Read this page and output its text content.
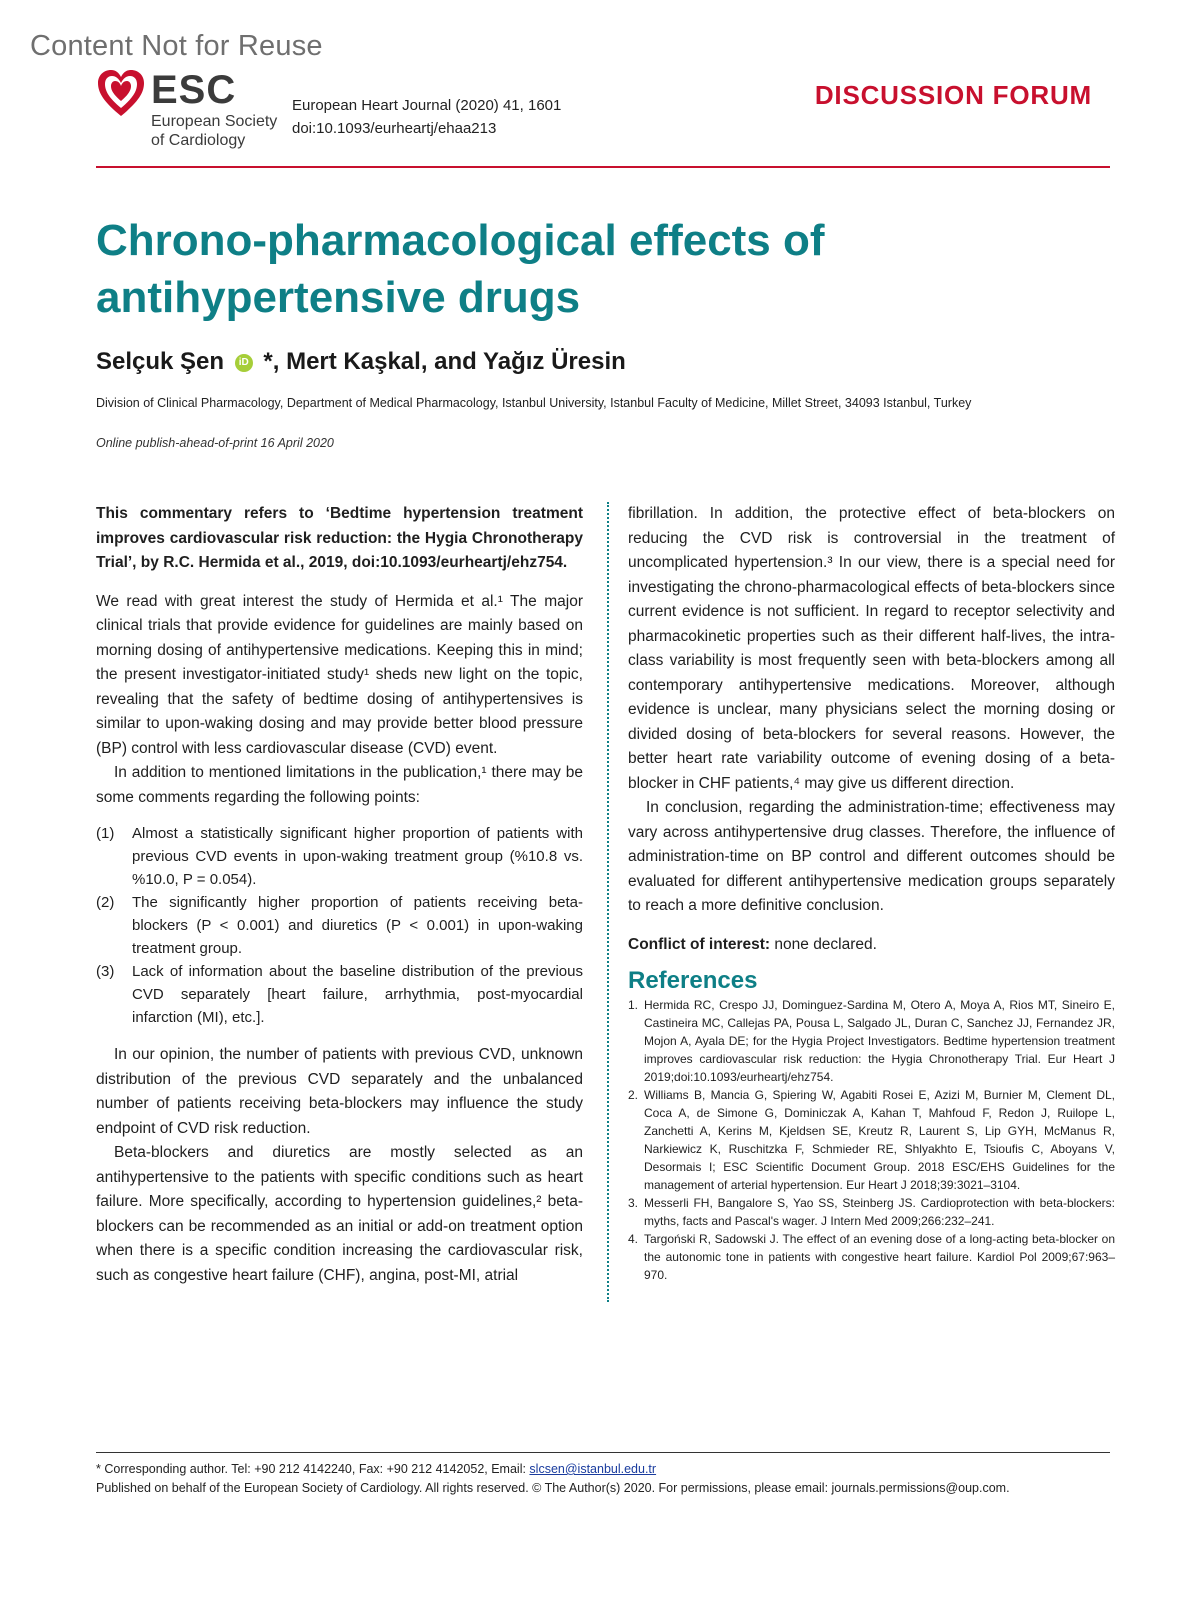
Content Not for Reuse
ESC
European Society
of Cardiology
European Heart Journal (2020) 41, 1601
doi:10.1093/eurheartj/ehaa213
DISCUSSION FORUM
Chrono-pharmacological effects of antihypertensive drugs
Selçuk Şen iD *, Mert Kaşkal, and Yağız Üresin
Division of Clinical Pharmacology, Department of Medical Pharmacology, Istanbul University, Istanbul Faculty of Medicine, Millet Street, 34093 Istanbul, Turkey
Online publish-ahead-of-print 16 April 2020

This commentary refers to ‘Bedtime hypertension treatment improves cardiovascular risk reduction: the Hygia Chronotherapy Trial’, by R.C. Hermida et al., 2019, doi:10.1093/eurheartj/ehz754.

We read with great interest the study of Hermida et al.¹ The major clinical trials that provide evidence for guidelines are mainly based on morning dosing of antihypertensive medications. Keeping this in mind; the present investigator-initiated study¹ sheds new light on the topic, revealing that the safety of bedtime dosing of antihypertensives is similar to upon-waking dosing and may provide better blood pressure (BP) control with less cardiovascular disease (CVD) event.

In addition to mentioned limitations in the publication,¹ there may be some comments regarding the following points:

(1) Almost a statistically significant higher proportion of patients with previous CVD events in upon-waking treatment group (%10.8 vs. %10.0, P = 0.054).
(2) The significantly higher proportion of patients receiving beta-blockers (P < 0.001) and diuretics (P < 0.001) in upon-waking treatment group.
(3) Lack of information about the baseline distribution of the previous CVD separately [heart failure, arrhythmia, post-myocardial infarction (MI), etc.].

In our opinion, the number of patients with previous CVD, unknown distribution of the previous CVD separately and the unbalanced number of patients receiving beta-blockers may influence the study endpoint of CVD risk reduction.

Beta-blockers and diuretics are mostly selected as an antihypertensive to the patients with specific conditions such as heart failure. More specifically, according to hypertension guidelines,² beta-blockers can be recommended as an initial or add-on treatment option when there is a specific condition increasing the cardiovascular risk, such as congestive heart failure (CHF), angina, post-MI, atrial

fibrillation. In addition, the protective effect of beta-blockers on reducing the CVD risk is controversial in the treatment of uncomplicated hypertension.³ In our view, there is a special need for investigating the chrono-pharmacological effects of beta-blockers since current evidence is not sufficient. In regard to receptor selectivity and pharmacokinetic properties such as their different half-lives, the intra-class variability is most frequently seen with beta-blockers among all contemporary antihypertensive medications. Moreover, although evidence is unclear, many physicians select the morning dosing or divided dosing of beta-blockers for several reasons. However, the better heart rate variability outcome of evening dosing of a beta-blocker in CHF patients,⁴ may give us different direction.

In conclusion, regarding the administration-time; effectiveness may vary across antihypertensive drug classes. Therefore, the influence of administration-time on BP control and different outcomes should be evaluated for different antihypertensive medication groups separately to reach a more definitive conclusion.

Conflict of interest: none declared.

References
1. Hermida RC, Crespo JJ, Dominguez-Sardina M, Otero A, Moya A, Rios MT, Sineiro E, Castineira MC, Callejas PA, Pousa L, Salgado JL, Duran C, Sanchez JJ, Fernandez JR, Mojon A, Ayala DE; for the Hygia Project Investigators. Bedtime hypertension treatment improves cardiovascular risk reduction: the Hygia Chronotherapy Trial. Eur Heart J 2019;doi:10.1093/eurheartj/ehz754.
2. Williams B, Mancia G, Spiering W, Agabiti Rosei E, Azizi M, Burnier M, Clement DL, Coca A, de Simone G, Dominiczak A, Kahan T, Mahfoud F, Redon J, Ruilope L, Zanchetti A, Kerins M, Kjeldsen SE, Kreutz R, Laurent S, Lip GYH, McManus R, Narkiewicz K, Ruschitzka F, Schmieder RE, Shlyakhto E, Tsioufis C, Aboyans V, Desormais I; ESC Scientific Document Group. 2018 ESC/EHS Guidelines for the management of arterial hypertension. Eur Heart J 2018;39:3021–3104.
3. Messerli FH, Bangalore S, Yao SS, Steinberg JS. Cardioprotection with beta-blockers: myths, facts and Pascal's wager. J Intern Med 2009;266:232–241.
4. Targoński R, Sadowski J. The effect of an evening dose of a long-acting beta-blocker on the autonomic tone in patients with congestive heart failure. Kardiol Pol 2009;67:963–970.
* Corresponding author. Tel: +90 212 4142240, Fax: +90 212 4142052, Email: slcsen@istanbul.edu.tr
Published on behalf of the European Society of Cardiology. All rights reserved. © The Author(s) 2020. For permissions, please email: journals.permissions@oup.com.
